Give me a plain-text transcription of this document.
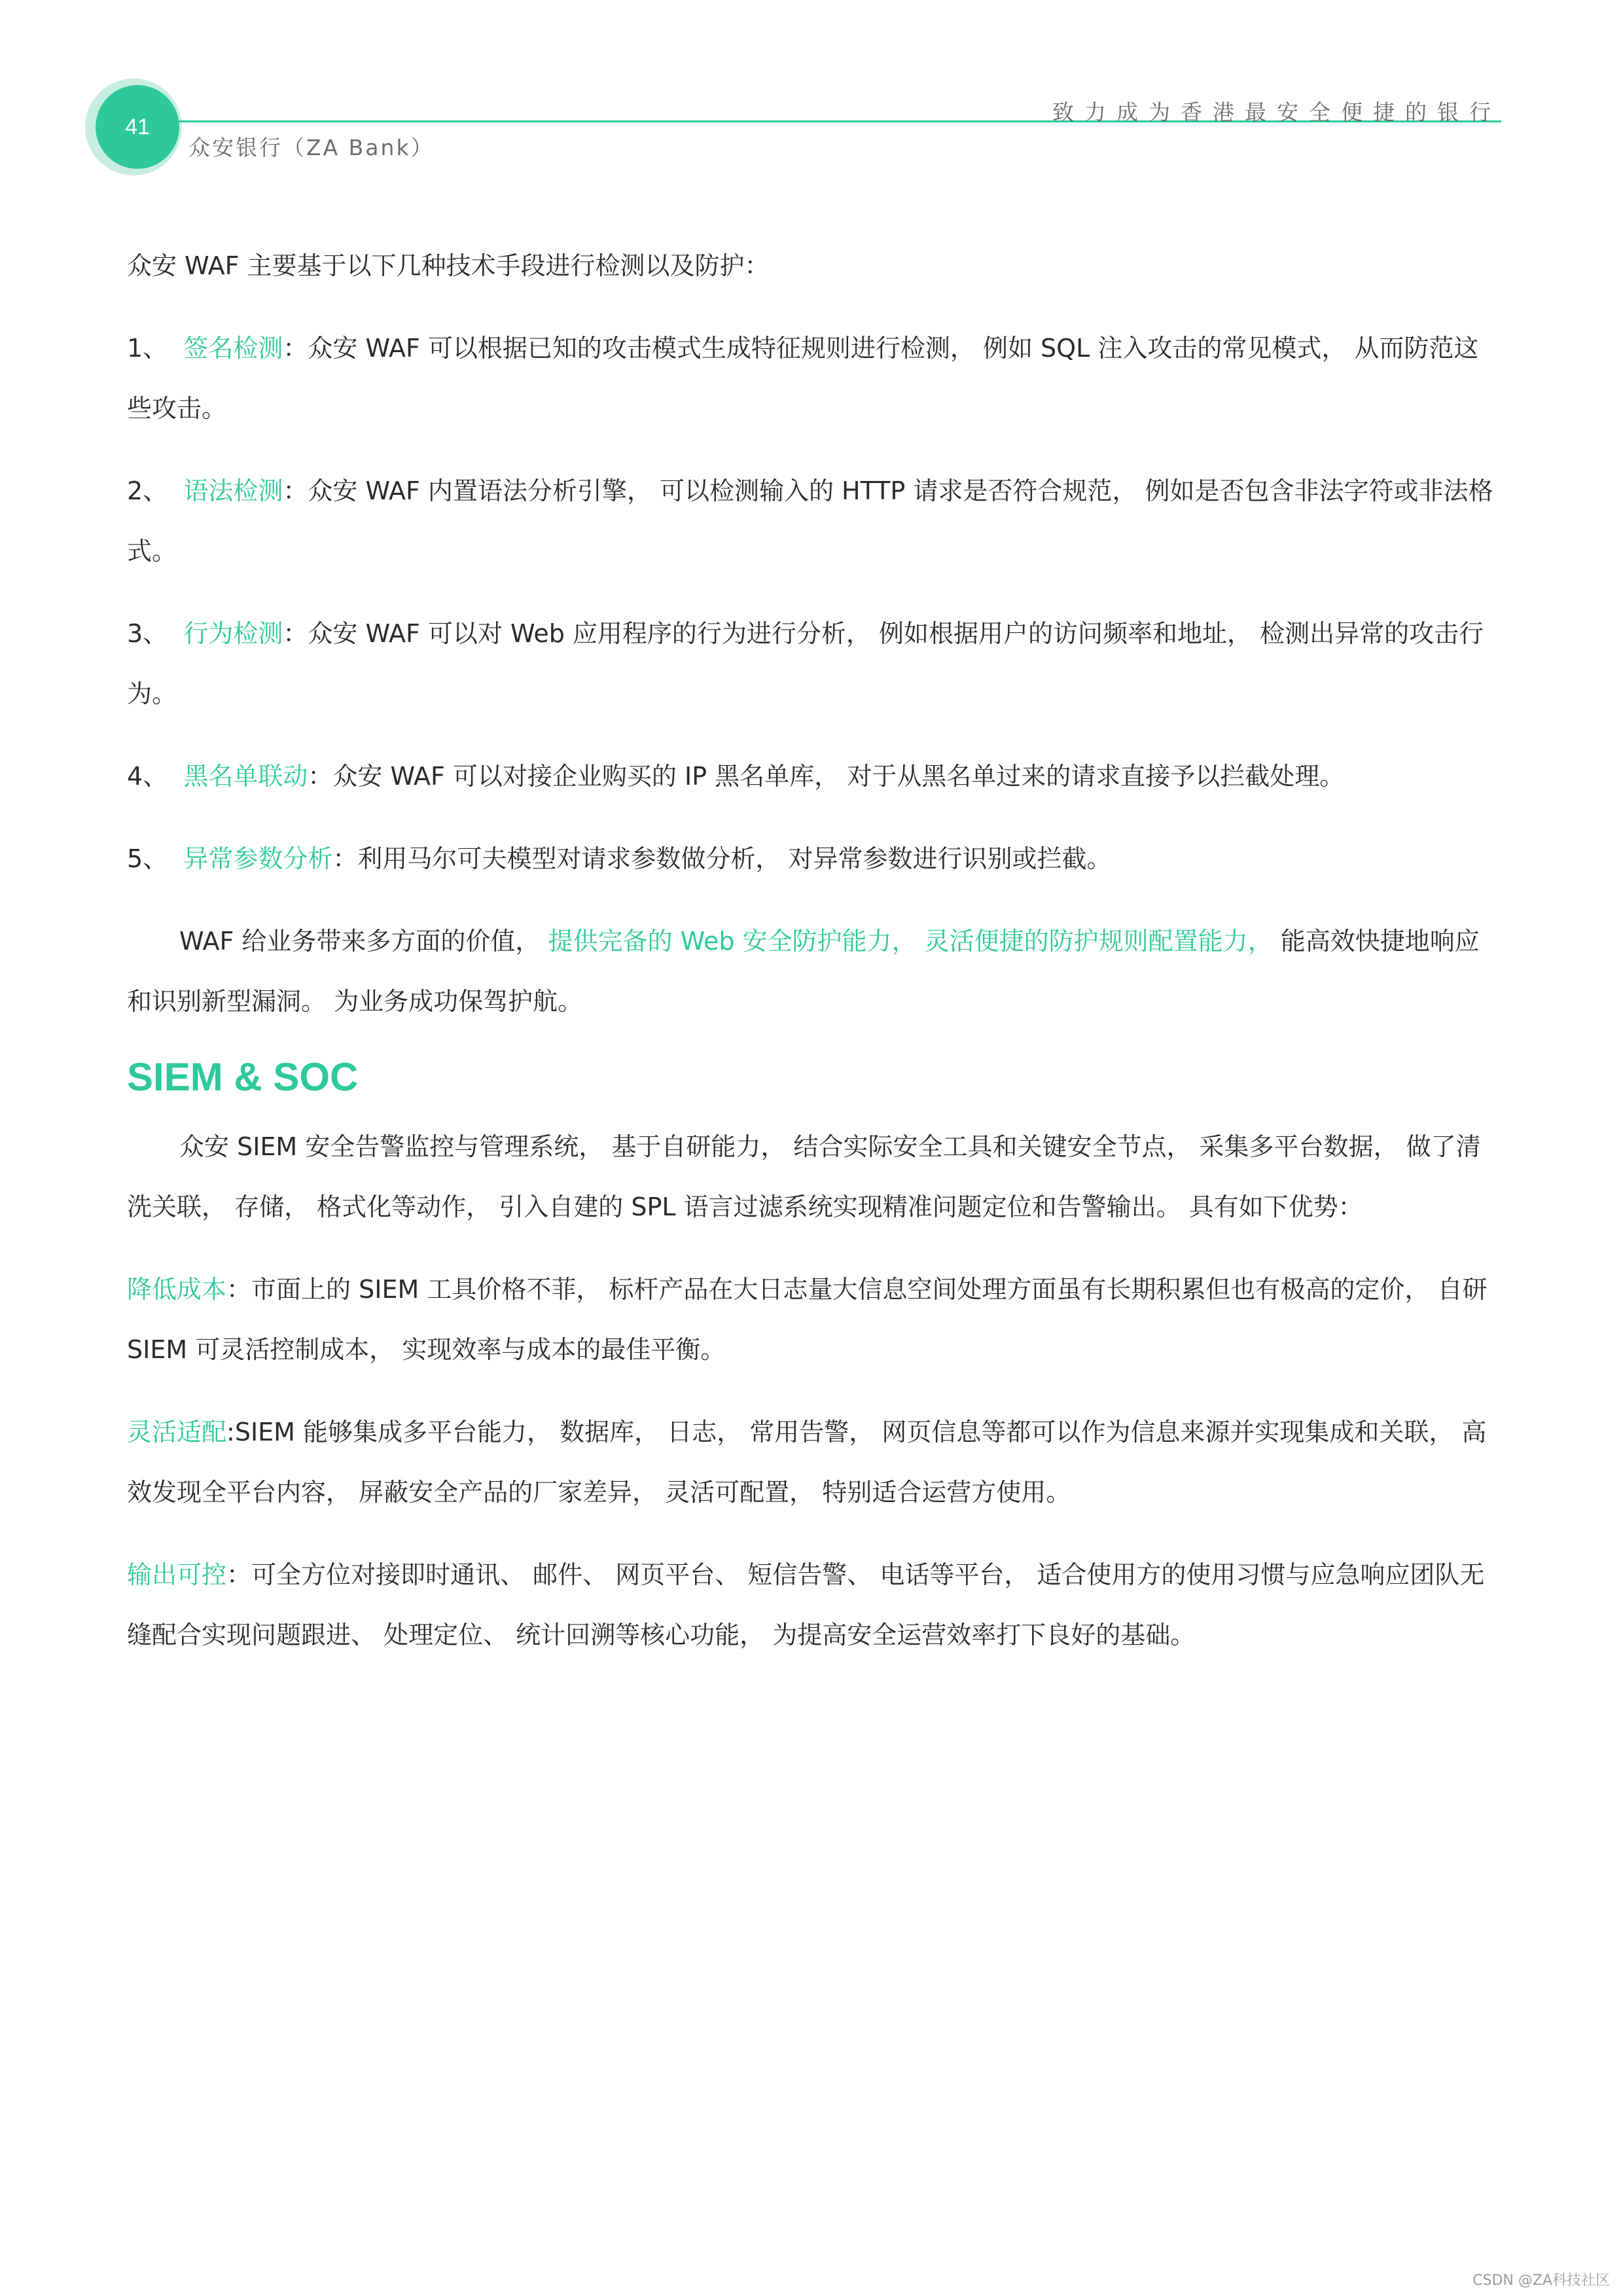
41
致力成为香港最安全便捷的银行
众安银行（ZA Bank）

众安 WAF 主要基于以下几种技术手段进行检测以及防护：

1、 签名检测：众安 WAF 可以根据已知的攻击模式生成特征规则进行检测， 例如 SQL 注入攻击的常见模式， 从而防范这些攻击。

2、 语法检测：众安 WAF 内置语法分析引擎， 可以检测输入的 HTTP 请求是否符合规范， 例如是否包含非法字符或非法格式。

3、 行为检测：众安 WAF 可以对 Web 应用程序的行为进行分析， 例如根据用户的访问频率和地址， 检测出异常的攻击行为。

4、 黑名单联动：众安 WAF 可以对接企业购买的 IP 黑名单库， 对于从黑名单过来的请求直接予以拦截处理。

5、 异常参数分析：利用马尔可夫模型对请求参数做分析， 对异常参数进行识别或拦截。

WAF 给业务带来多方面的价值， 提供完备的 Web 安全防护能力， 灵活便捷的防护规则配置能力， 能高效快捷地响应和识别新型漏洞。 为业务成功保驾护航。

SIEM & SOC

众安 SIEM 安全告警监控与管理系统， 基于自研能力， 结合实际安全工具和关键安全节点， 采集多平台数据， 做了清洗关联， 存储， 格式化等动作， 引入自建的 SPL 语言过滤系统实现精准问题定位和告警输出。 具有如下优势：

降低成本：市面上的 SIEM 工具价格不菲， 标杆产品在大日志量大信息空间处理方面虽有长期积累但也有极高的定价， 自研 SIEM 可灵活控制成本， 实现效率与成本的最佳平衡。

灵活适配:SIEM 能够集成多平台能力， 数据库， 日志， 常用告警， 网页信息等都可以作为信息来源并实现集成和关联， 高效发现全平台内容， 屏蔽安全产品的厂家差异， 灵活可配置， 特别适合运营方使用。

输出可控：可全方位对接即时通讯、 邮件、 网页平台、 短信告警、 电话等平台， 适合使用方的使用习惯与应急响应团队无缝配合实现问题跟进、 处理定位、 统计回溯等核心功能， 为提高安全运营效率打下良好的基础。

CSDN @ZA科技社区
